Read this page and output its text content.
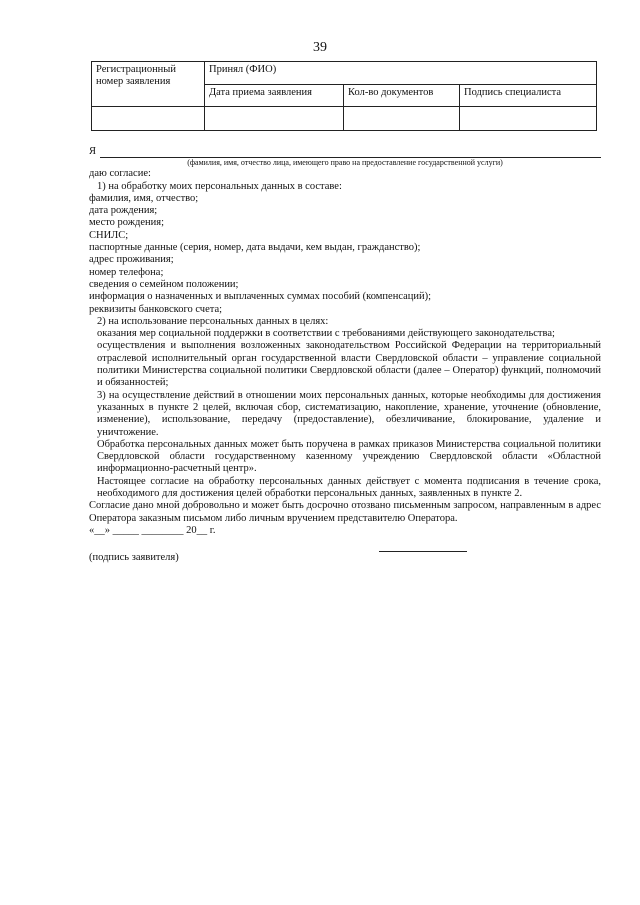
39
Регистрационный номер заявления	Принял (ФИО)		
	Дата приема заявления	Кол-во документов	Подпись специалиста

Я

(фамилия, имя, отчество лица, имеющего право на предоставление государственной услуги)

даю согласие:

1) на обработку моих персональных данных в составе:

фамилия, имя, отчество;

дата рождения;

место рождения;

СНИЛС;

паспортные данные (серия, номер, дата выдачи, кем выдан, гражданство);

адрес проживания;

номер телефона;

сведения о семейном положении;

информация о назначенных и выплаченных суммах пособий (компенсаций);

реквизиты банковского счета;

2) на использование персональных данных в целях:

оказания мер социальной поддержки в соответствии с требованиями действующего законодательства;

осуществления и выполнения возложенных законодательством Российской Федерации на территориальный отраслевой исполнительный орган государственной власти Свердловской области – управление социальной политики Министерства социальной политики Свердловской области (далее – Оператор) функций, полномочий и обязанностей;

3) на осуществление действий в отношении моих персональных данных, которые необходимы для достижения указанных в пункте 2 целей, включая сбор, систематизацию, накопление, хранение, уточнение (обновление, изменение), использование, передачу (предоставление), обезличивание, блокирование, удаление и уничтожение.

Обработка персональных данных может быть поручена в рамках приказов Министерства социальной политики Свердловской области государственному казенному учреждению Свердловской области «Областной информационно-расчетный центр».

Настоящее согласие на обработку персональных данных действует с момента подписания в течение срока, необходимого для достижения целей обработки персональных данных, заявленных в пункте 2.

Согласие дано мной добровольно и может быть досрочно отозвано письменным запросом, направленным в адрес Оператора заказным письмом либо личным вручением представителю Оператора.

«__» _____ ________ 20__ г.

(подпись заявителя)
